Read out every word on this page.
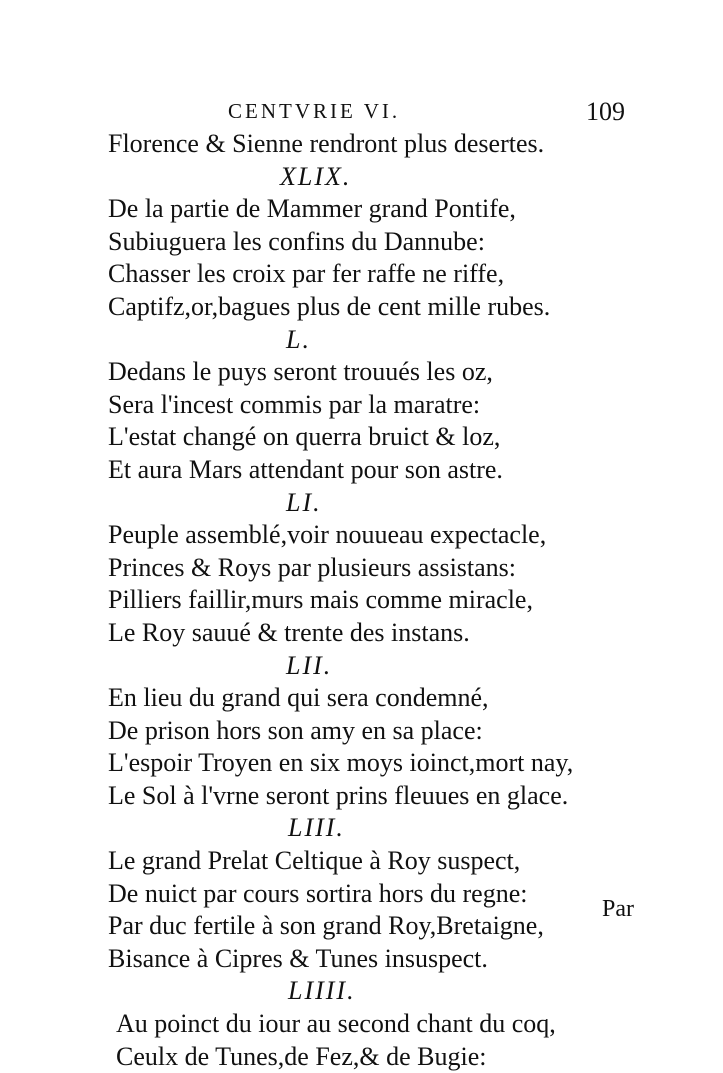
CENTVRIE VI.	109
Florence & Sienne rendront plus desertes.
XLIX.
De la partie de Mammer grand Pontife,
Subiuguera les confins du Dannube:
Chasser les croix par fer raffe ne riffe,
Captifz,or,bagues plus de cent mille rubes.
L.
Dedans le puys seront trouués les oz,
Sera l'incest commis par la maratre:
L'estat changé on querra bruict & loz,
Et aura Mars attendant pour son astre.
LI.
Peuple assemblé,voir nouueau expectacle,
Princes & Roys par plusieurs assistans:
Pilliers faillir,murs mais comme miracle,
Le Roy sauué & trente des instans.
LII.
En lieu du grand qui sera condemné,
De prison hors son amy en sa place:
L'espoir Troyen en six moys ioinct,mort nay,
Le Sol à l'vrne seront prins fleuues en glace.
LIII.
Le grand Prelat Celtique à Roy suspect,
De nuict par cours sortira hors du regne:
Par duc fertile à son grand Roy,Bretaigne,
Bisance à Cipres & Tunes insuspect.
LIIII.
Au poinct du iour au second chant du coq,
Ceulx de Tunes,de Fez,& de Bugie:
Par
